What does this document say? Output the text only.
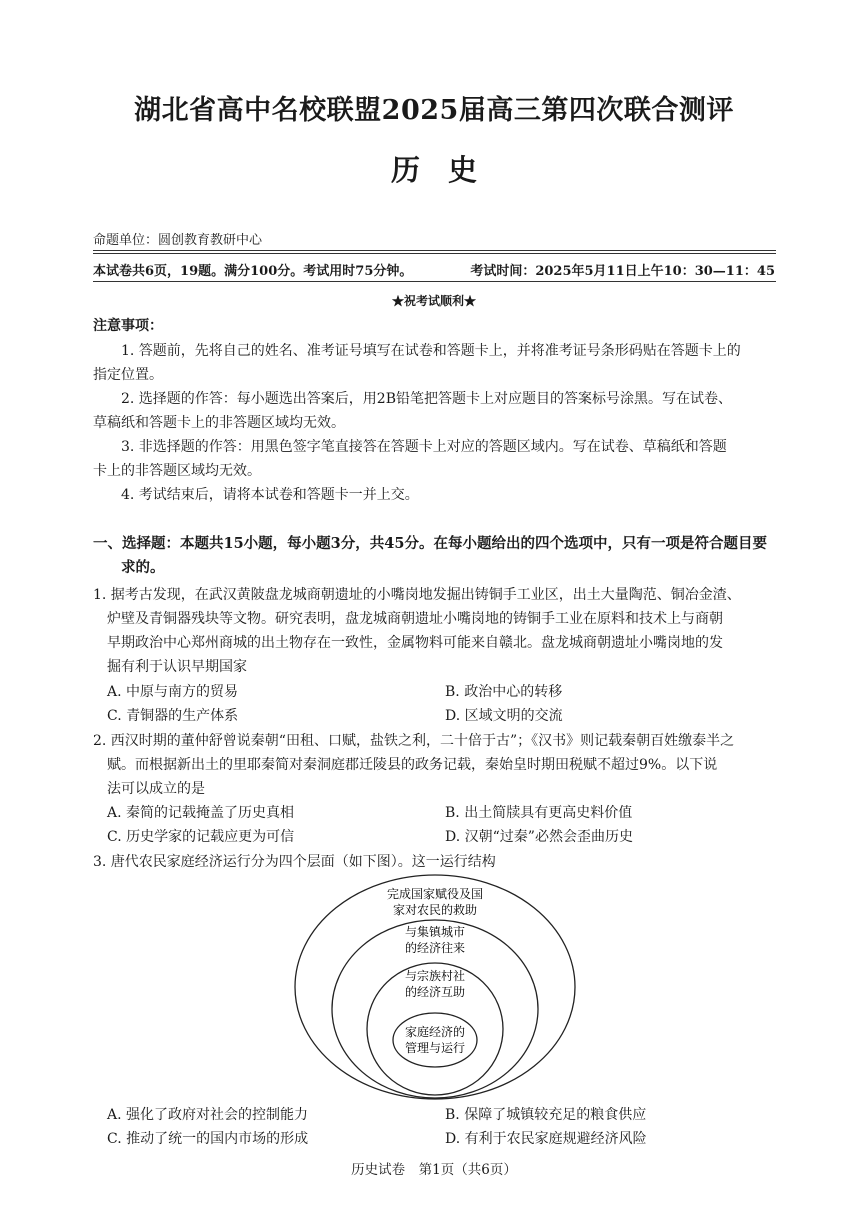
湖北省高中名校联盟2025届高三第四次联合测评
历史
命题单位：圆创教育教研中心
本试卷共6页，19题。满分100分。考试用时75分钟。	考试时间：2025年5月11日上午10：30—11：45
★祝考试顺利★
注意事项：
1. 答题前，先将自己的姓名、准考证号填写在试卷和答题卡上，并将准考证号条形码贴在答题卡上的
指定位置。
2. 选择题的作答：每小题选出答案后，用2B铅笔把答题卡上对应题目的答案标号涂黑。写在试卷、
草稿纸和答题卡上的非答题区域均无效。
3. 非选择题的作答：用黑色签字笔直接答在答题卡上对应的答题区域内。写在试卷、草稿纸和答题
卡上的非答题区域均无效。
4. 考试结束后，请将本试卷和答题卡一并上交。
一、选择题：本题共15小题，每小题3分，共45分。在每小题给出的四个选项中，只有一项是符合题目要
求的。
1. 据考古发现，在武汉黄陂盘龙城商朝遗址的小嘴岗地发掘出铸铜手工业区，出土大量陶范、铜冶金渣、
炉壁及青铜器残块等文物。研究表明，盘龙城商朝遗址小嘴岗地的铸铜手工业在原料和技术上与商朝
早期政治中心郑州商城的出土物存在一致性，金属物料可能来自赣北。盘龙城商朝遗址小嘴岗地的发
掘有利于认识早期国家
A. 中原与南方的贸易	B. 政治中心的转移
C. 青铜器的生产体系	D. 区域文明的交流
2. 西汉时期的董仲舒曾说秦朝“田租、口赋，盐铁之利，二十倍于古”；《汉书》则记载秦朝百姓缴泰半之
赋。而根据新出土的里耶秦简对秦洞庭郡迁陵县的政务记载，秦始皇时期田税赋不超过9%。以下说
法可以成立的是
A. 秦简的记载掩盖了历史真相	B. 出土简牍具有更高史料价值
C. 历史学家的记载应更为可信	D. 汉朝“过秦”必然会歪曲历史
3. 唐代农民家庭经济运行分为四个层面（如下图）。这一运行结构
完成国家赋役及国
家对农民的救助
与集镇城市
的经济往来
与宗族村社
的经济互助
家庭经济的
管理与运行
A. 强化了政府对社会的控制能力	B. 保障了城镇较充足的粮食供应
C. 推动了统一的国内市场的形成	D. 有利于农民家庭规避经济风险
历史试卷　第1页（共6页）
